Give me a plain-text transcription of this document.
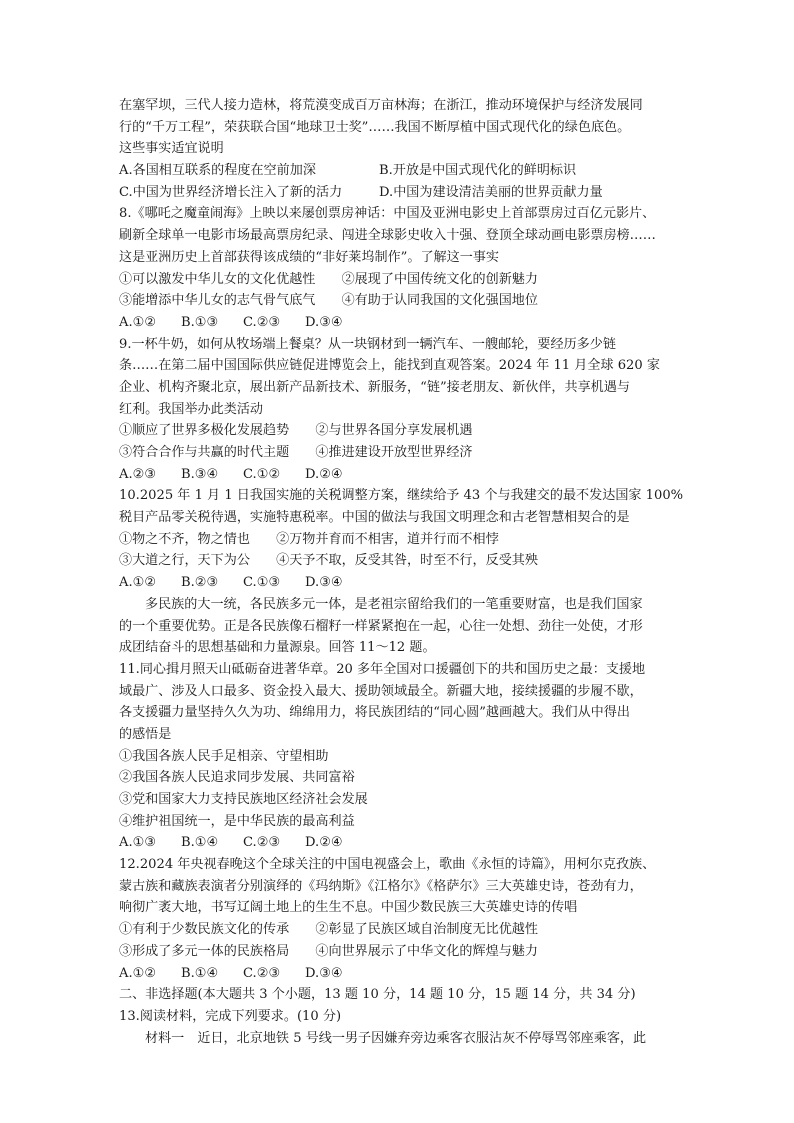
在塞罕坝，三代人接力造林，将荒漠变成百万亩林海；在浙江，推动环境保护与经济发展同
行的“千万工程”，荣获联合国“地球卫士奖”……我国不断厚植中国式现代化的绿色底色。
这些事实适宜说明
A.各国相互联系的程度在空前加深	B.开放是中国式现代化的鲜明标识
C.中国为世界经济增长注入了新的活力	D.中国为建设清洁美丽的世界贡献力量
8.《哪吒之魔童闹海》上映以来屡创票房神话：中国及亚洲电影史上首部票房过百亿元影片、
刷新全球单一电影市场最高票房纪录、闯进全球影史收入十强、登顶全球动画电影票房榜……
这是亚洲历史上首部获得该成绩的“非好莱坞制作”。了解这一事实
①可以激发中华儿女的文化优越性　　②展现了中国传统文化的创新魅力
③能增添中华儿女的志气骨气底气　　④有助于认同我国的文化强国地位
A.①②	B.①③	C.②③	D.③④
9.一杯牛奶，如何从牧场端上餐桌？从一块钢材到一辆汽车、一艘邮轮，要经历多少链
条……在第二届中国国际供应链促进博览会上，能找到直观答案。2024 年 11 月全球 620 家
企业、机构齐聚北京，展出新产品新技术、新服务，“链”接老朋友、新伙伴，共享机遇与
红利。我国举办此类活动
①顺应了世界多极化发展趋势　　②与世界各国分享发展机遇
③符合合作与共赢的时代主题　　④推进建设开放型世界经济
A.②③	B.③④	C.①②	D.②④
10.2025 年 1 月 1 日我国实施的关税调整方案，继续给予 43 个与我建交的最不发达国家 100%
税目产品零关税待遇，实施特惠税率。中国的做法与我国文明理念和古老智慧相契合的是
①物之不齐，物之情也　　②万物并育而不相害，道并行而不相悖
③大道之行，天下为公　　④天予不取，反受其咎，时至不行，反受其殃
A.①②	B.②③	C.①③	D.③④
多民族的大一统，各民族多元一体，是老祖宗留给我们的一笔重要财富，也是我们国家
的一个重要优势。正是各民族像石榴籽一样紧紧抱在一起，心往一处想、劲往一处使，才形
成团结奋斗的思想基础和力量源泉。回答 11～12 题。
11.同心揖月照天山砥砺奋进著华章。20 多年全国对口援疆创下的共和国历史之最：支援地
域最广、涉及人口最多、资金投入最大、援助领域最全。新疆大地，接续援疆的步履不歇，
各支援疆力量坚持久久为功、绵绵用力，将民族团结的“同心圆”越画越大。我们从中得出
的感悟是
①我国各族人民手足相亲、守望相助
②我国各族人民追求同步发展、共同富裕
③党和国家大力支持民族地区经济社会发展
④维护祖国统一，是中华民族的最高利益
A.①③	B.①④	C.②③	D.②④
12.2024 年央视春晚这个全球关注的中国电视盛会上，歌曲《永恒的诗篇》，用柯尔克孜族、
蒙古族和藏族表演者分别演绎的《玛纳斯》《江格尔》《格萨尔》三大英雄史诗，苍劲有力，
响彻广袤大地，书写辽阔土地上的生生不息。中国少数民族三大英雄史诗的传唱
①有利于少数民族文化的传承　　②彰显了民族区域自治制度无比优越性
③形成了多元一体的民族格局　　④向世界展示了中华文化的辉煌与魅力
A.①②	B.①④	C.②③	D.③④
二、非选择题(本大题共 3 个小题，13 题 10 分，14 题 10 分，15 题 14 分，共 34 分)
13.阅读材料，完成下列要求。(10 分)
材料一　近日，北京地铁 5 号线一男子因嫌弃旁边乘客衣服沾灰不停辱骂邻座乘客，此
